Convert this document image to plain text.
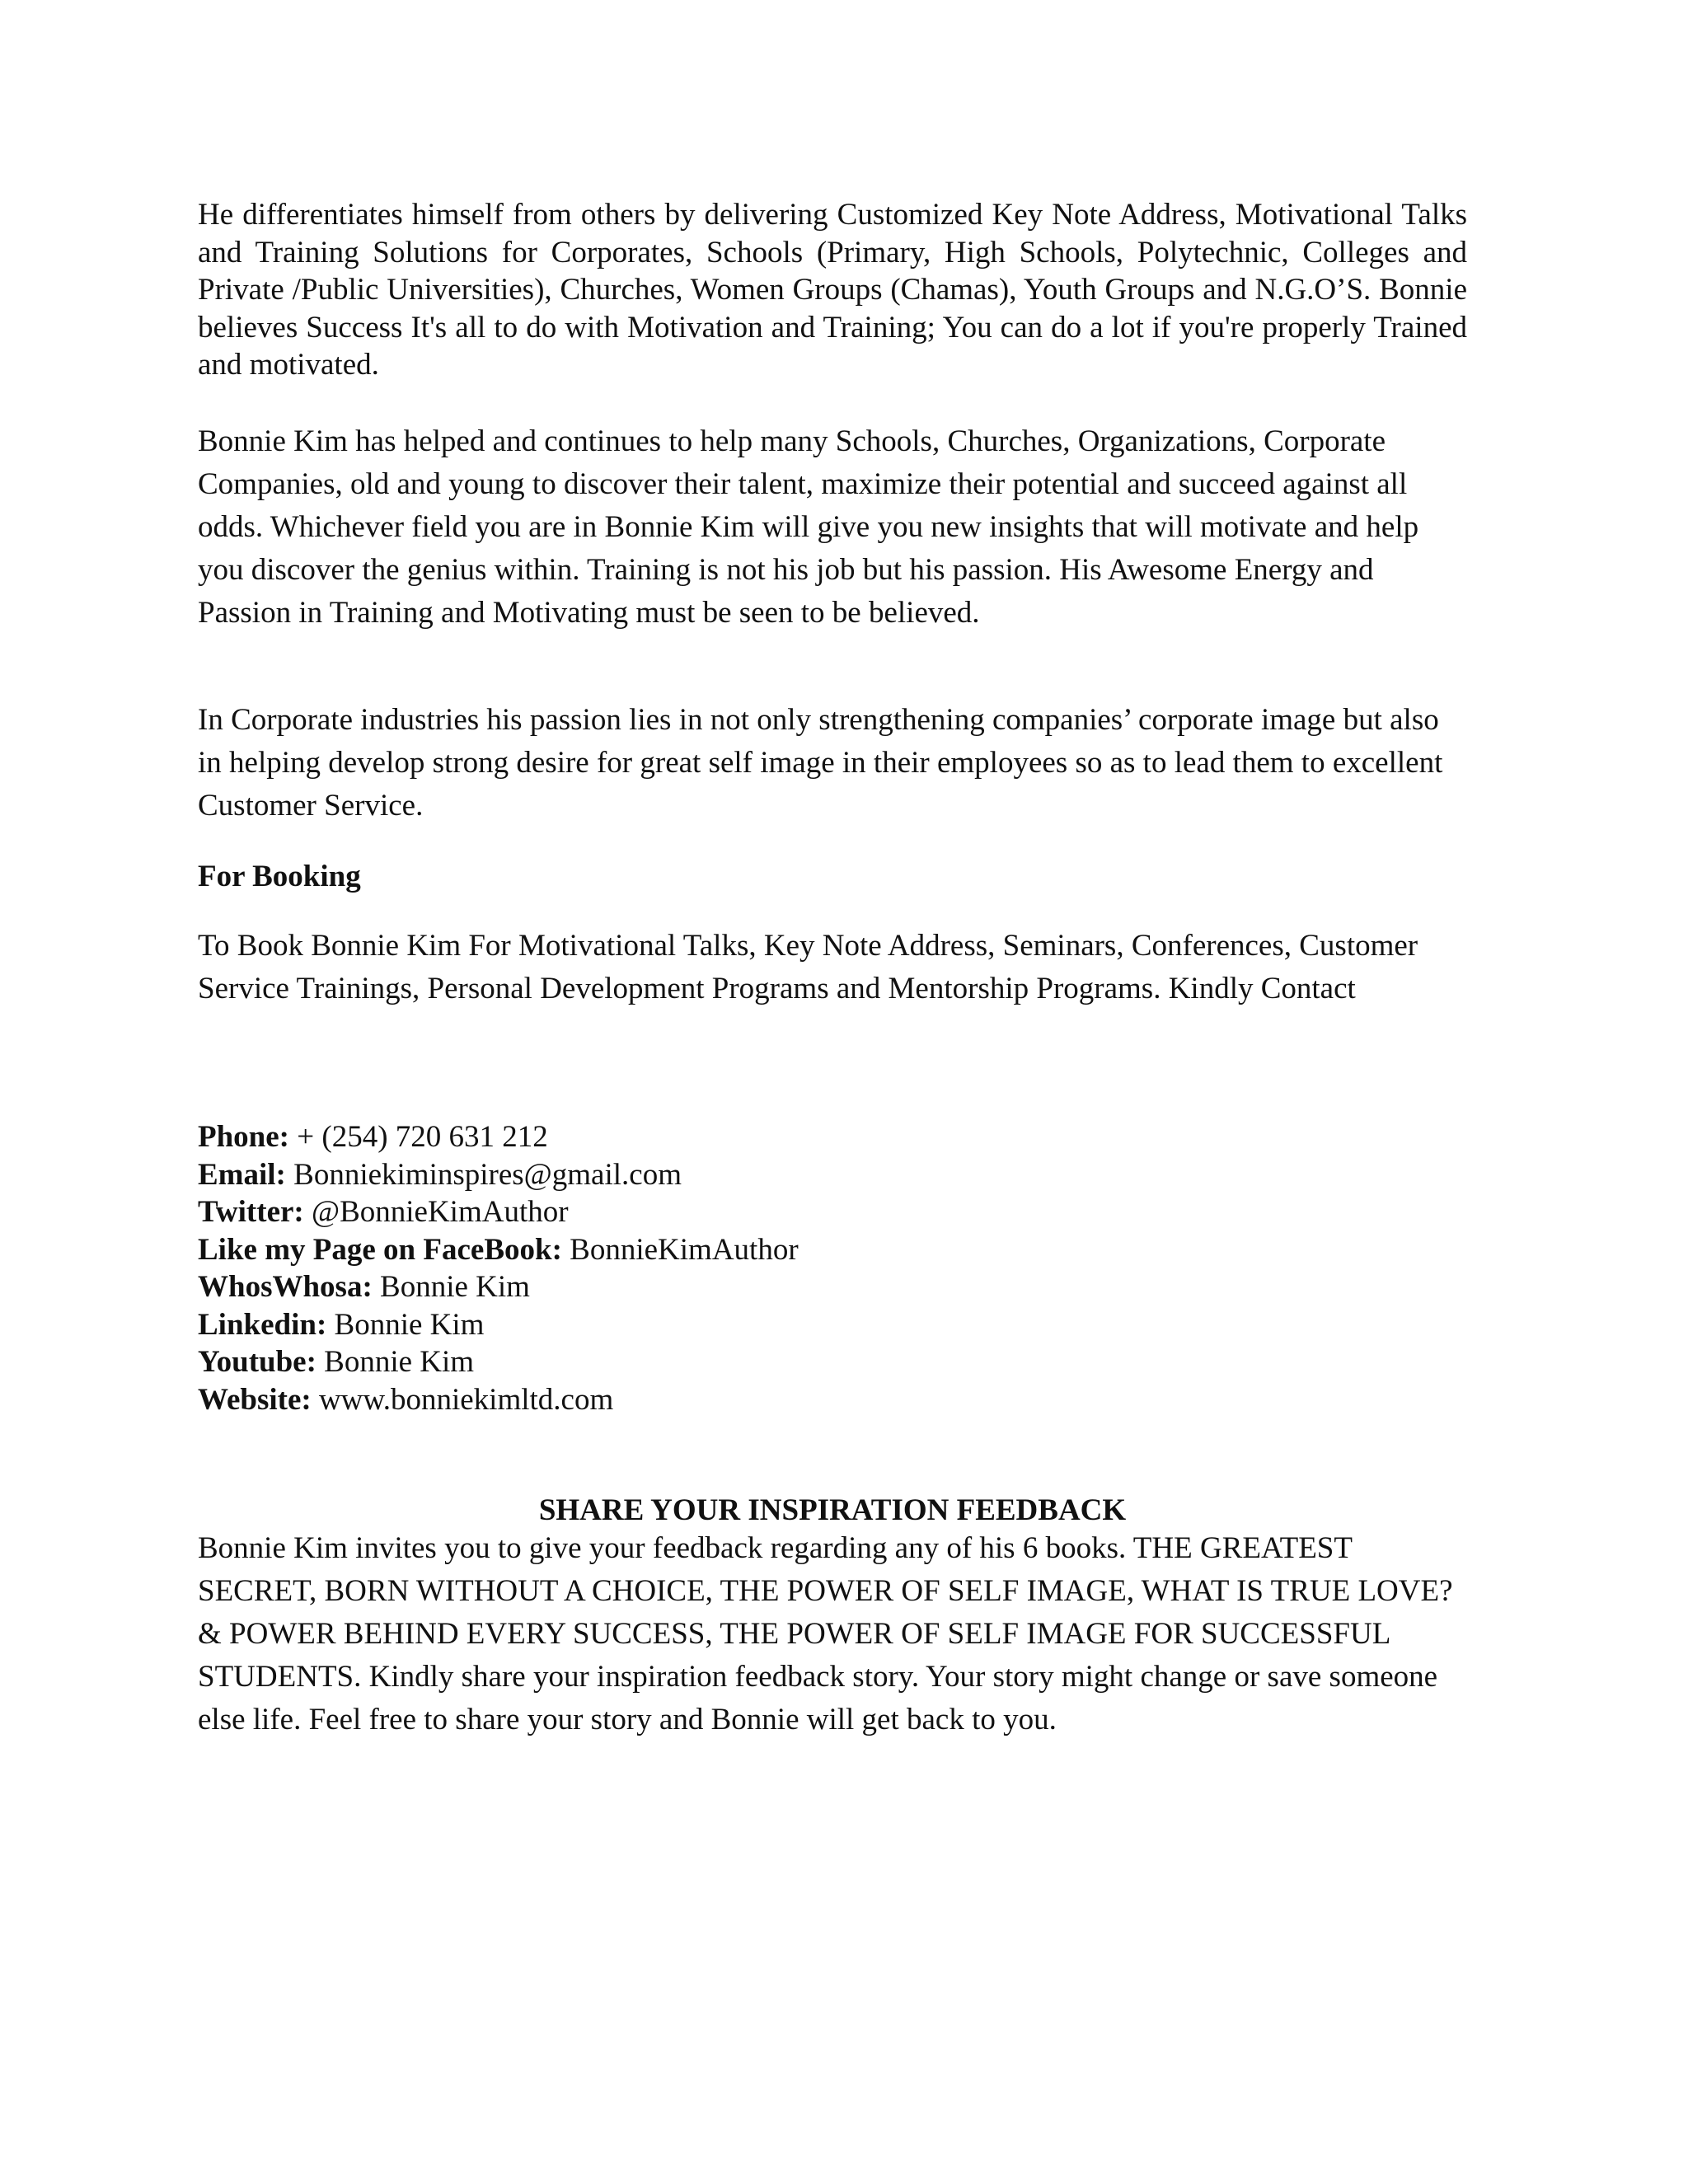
He differentiates himself from others by delivering Customized Key Note Address, Motivational Talks and Training Solutions for Corporates, Schools (Primary, High Schools, Polytechnic, Colleges and Private /Public Universities), Churches, Women Groups (Chamas), Youth Groups and N.G.O’S. Bonnie believes Success It's all to do with Motivation and Training; You can do a lot if you're properly Trained and motivated.

Bonnie Kim has helped and continues to help many Schools, Churches, Organizations, Corporate Companies, old and young to discover their talent, maximize their potential and succeed against all odds. Whichever field you are in Bonnie Kim will give you new insights that will motivate and help you discover the genius within. Training is not his job but his passion. His Awesome Energy and Passion in Training and Motivating must be seen to be believed.

In Corporate industries his passion lies in not only strengthening companies’ corporate image but also in helping develop strong desire for great self image in their employees so as to lead them to excellent Customer Service.

For Booking

To Book Bonnie Kim For Motivational Talks, Key Note Address, Seminars, Conferences, Customer Service Trainings, Personal Development Programs and Mentorship Programs. Kindly Contact

Phone: + (254) 720 631 212
Email: Bonniekiminspires@gmail.com
Twitter: @BonnieKimAuthor
Like my Page on FaceBook: BonnieKimAuthor
WhosWhosa: Bonnie Kim
Linkedin: Bonnie Kim
Youtube: Bonnie Kim
Website: www.bonniekimltd.com

SHARE YOUR INSPIRATION FEEDBACK

Bonnie Kim invites you to give your feedback regarding any of his 6 books. THE GREATEST SECRET, BORN WITHOUT A CHOICE, THE POWER OF SELF IMAGE, WHAT IS TRUE LOVE? & POWER BEHIND EVERY SUCCESS, THE POWER OF SELF IMAGE FOR SUCCESSFUL STUDENTS. Kindly share your inspiration feedback story. Your story might change or save someone else life. Feel free to share your story and Bonnie will get back to you.
